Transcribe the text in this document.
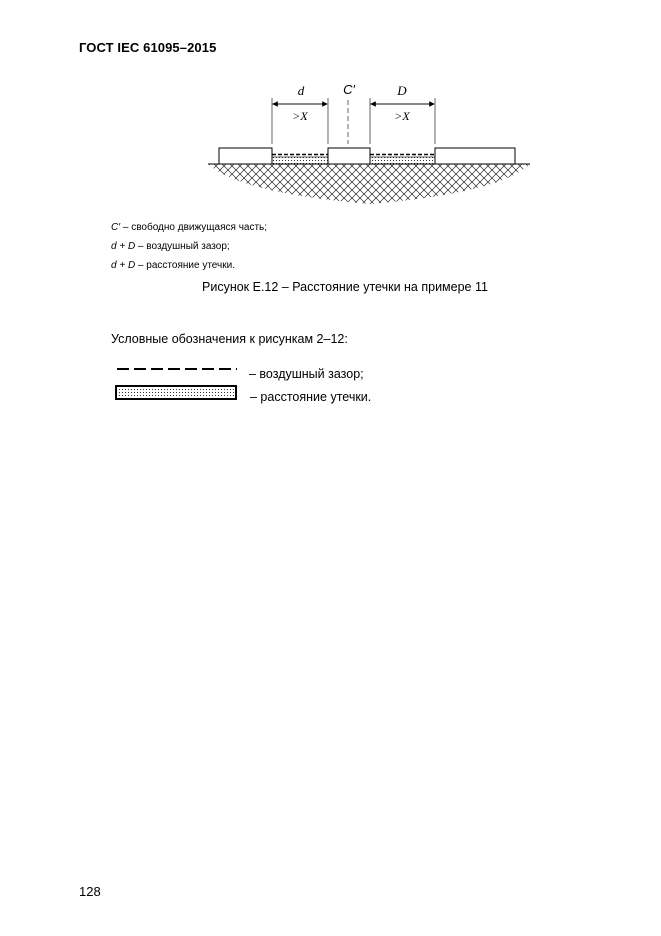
ГОСТ IEC 61095–2015
d	C′	D
>X	>X
C′ – свободно движущаяся часть;
d + D – воздушный зазор;
d + D – расстояние утечки.
Рисунок Е.12 – Расстояние утечки на примере 11
Условные обозначения к рисункам 2–12:
– воздушный зазор;
– расстояние утечки.
128
